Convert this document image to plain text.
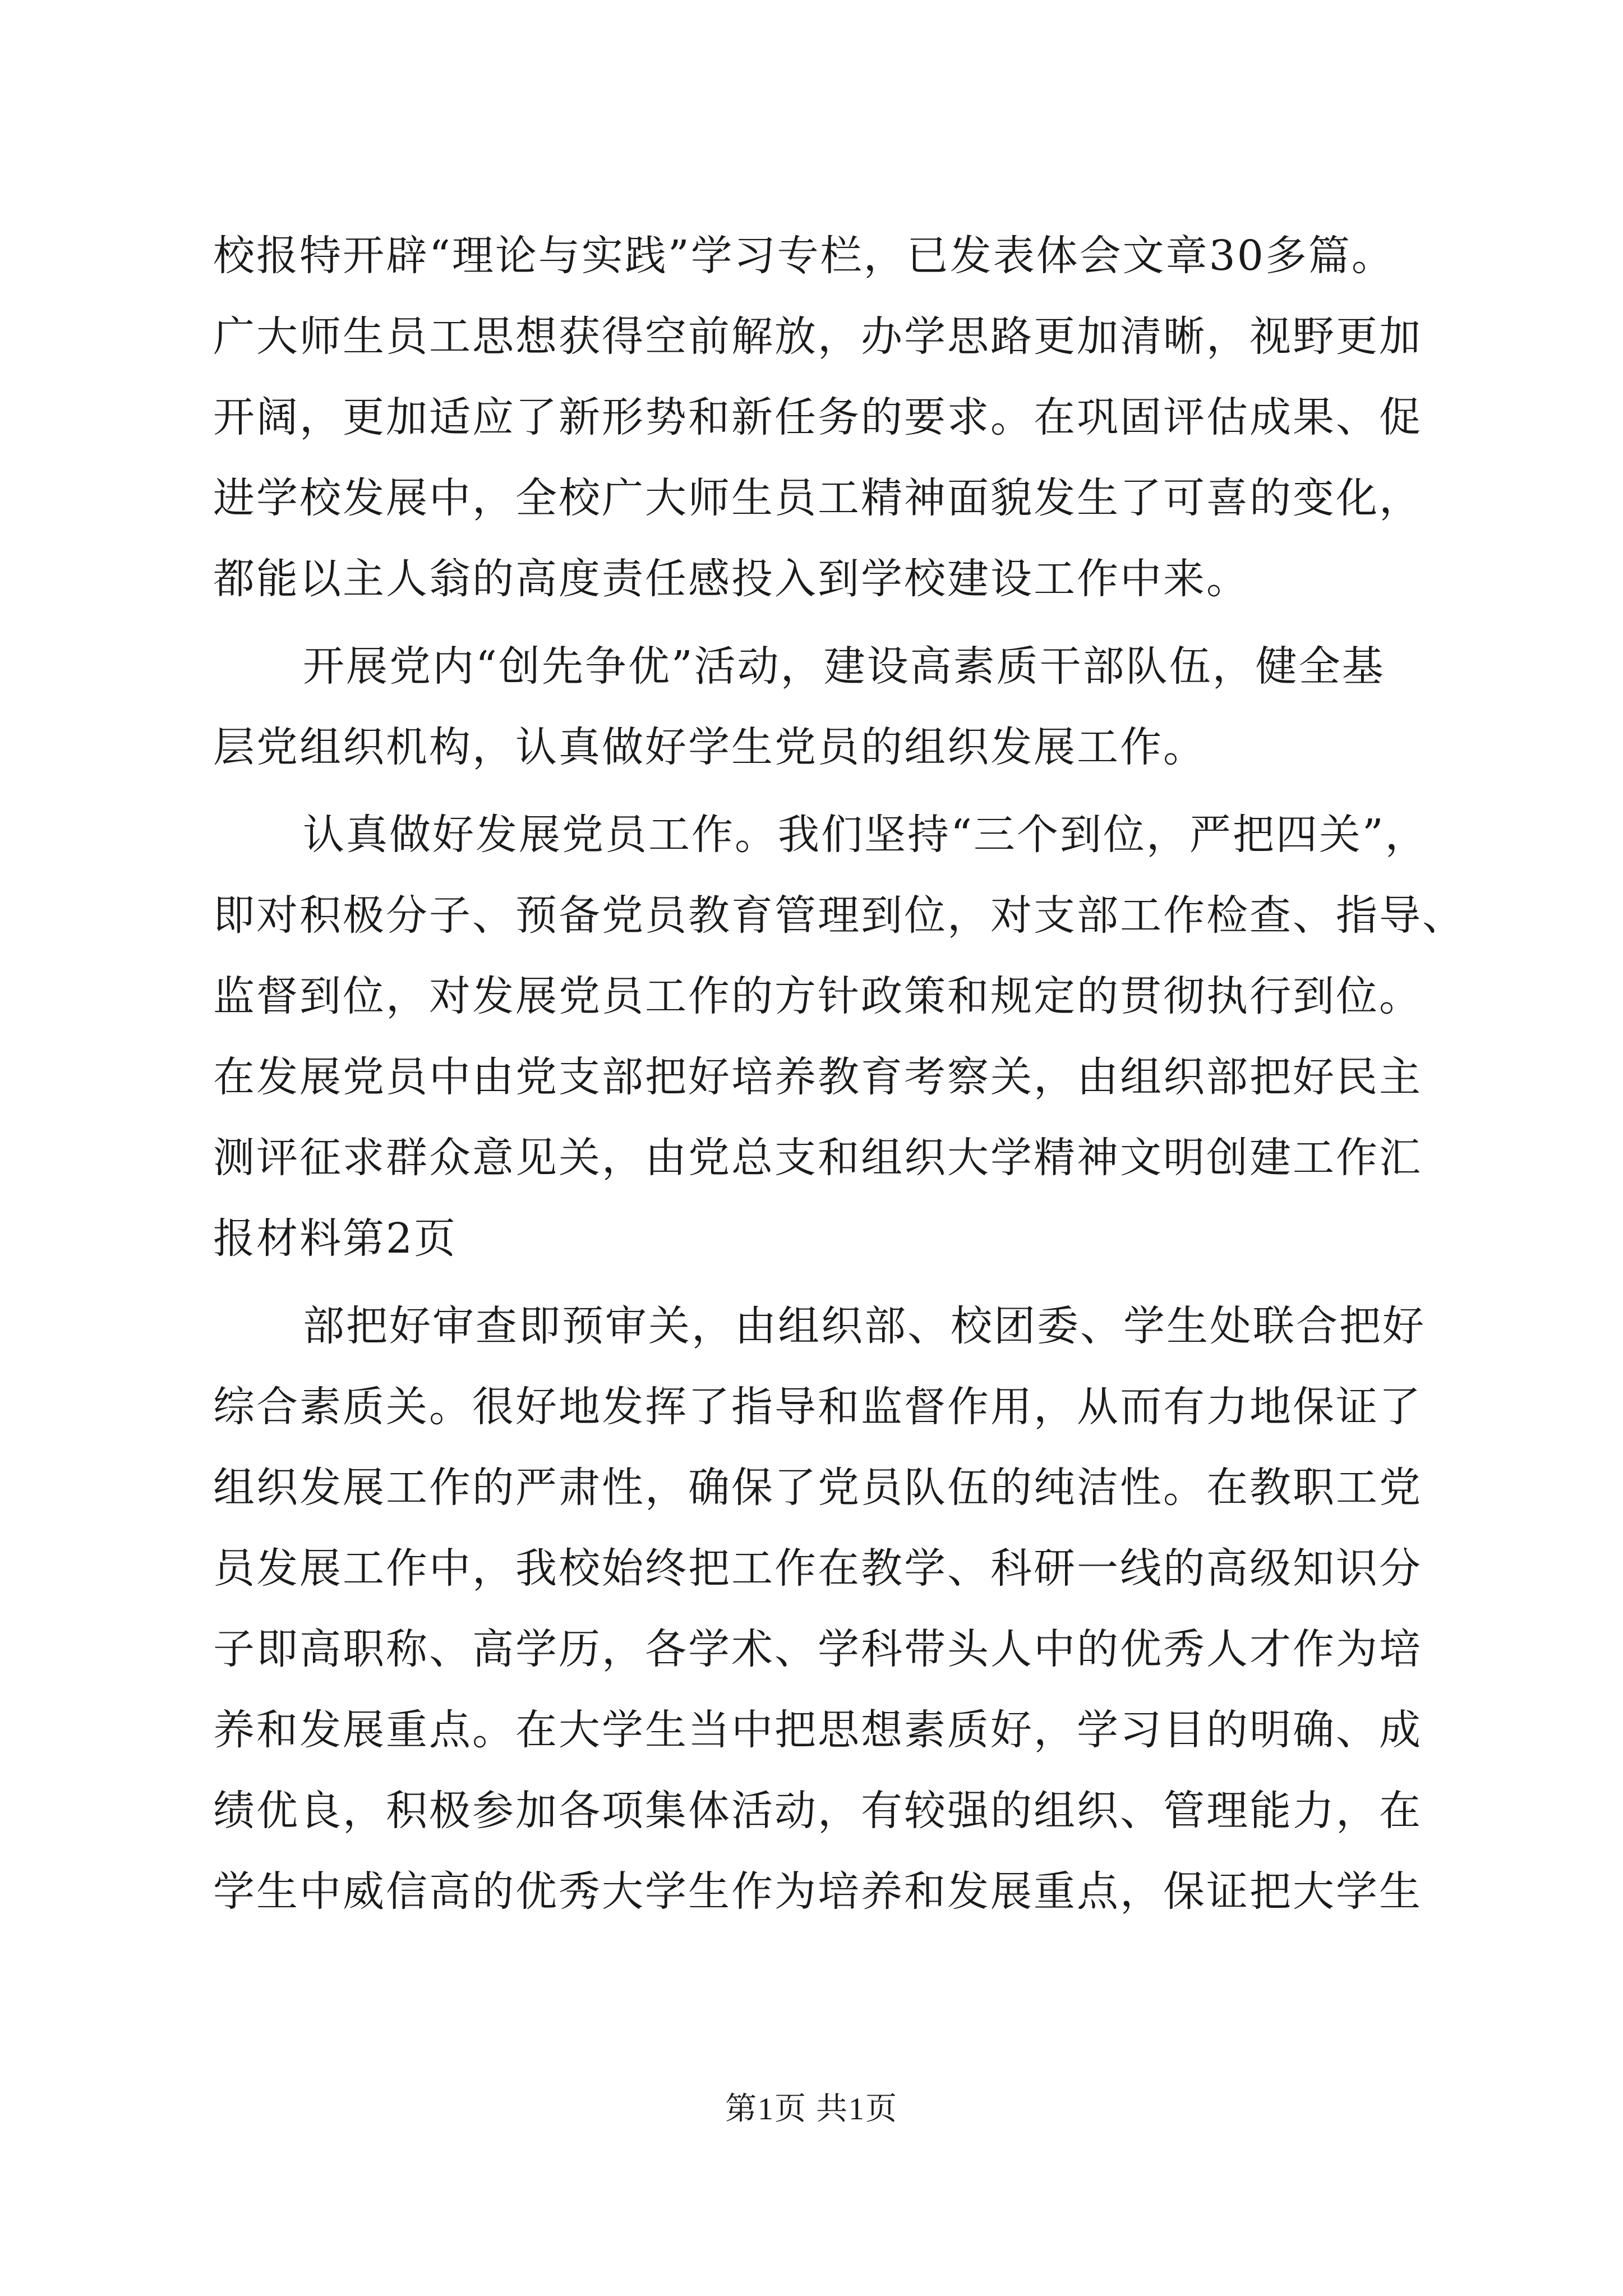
校报特开辟“理论与实践”学习专栏，已发表体会文章30多篇。
广大师生员工思想获得空前解放，办学思路更加清晰，视野更加
开阔，更加适应了新形势和新任务的要求。在巩固评估成果、促
进学校发展中，全校广大师生员工精神面貌发生了可喜的变化，
都能以主人翁的高度责任感投入到学校建设工作中来。
开展党内“创先争优”活动，建设高素质干部队伍，健全基
层党组织机构，认真做好学生党员的组织发展工作。
认真做好发展党员工作。我们坚持“三个到位，严把四关”，
即对积极分子、预备党员教育管理到位，对支部工作检查、指导、
监督到位，对发展党员工作的方针政策和规定的贯彻执行到位。
在发展党员中由党支部把好培养教育考察关，由组织部把好民主
测评征求群众意见关，由党总支和组织大学精神文明创建工作汇
报材料第2页
部把好审查即预审关，由组织部、校团委、学生处联合把好
综合素质关。很好地发挥了指导和监督作用，从而有力地保证了
组织发展工作的严肃性，确保了党员队伍的纯洁性。在教职工党
员发展工作中，我校始终把工作在教学、科研一线的高级知识分
子即高职称、高学历，各学术、学科带头人中的优秀人才作为培
养和发展重点。在大学生当中把思想素质好，学习目的明确、成
绩优良，积极参加各项集体活动，有较强的组织、管理能力，在
学生中威信高的优秀大学生作为培养和发展重点，保证把大学生
第1页 共1页
